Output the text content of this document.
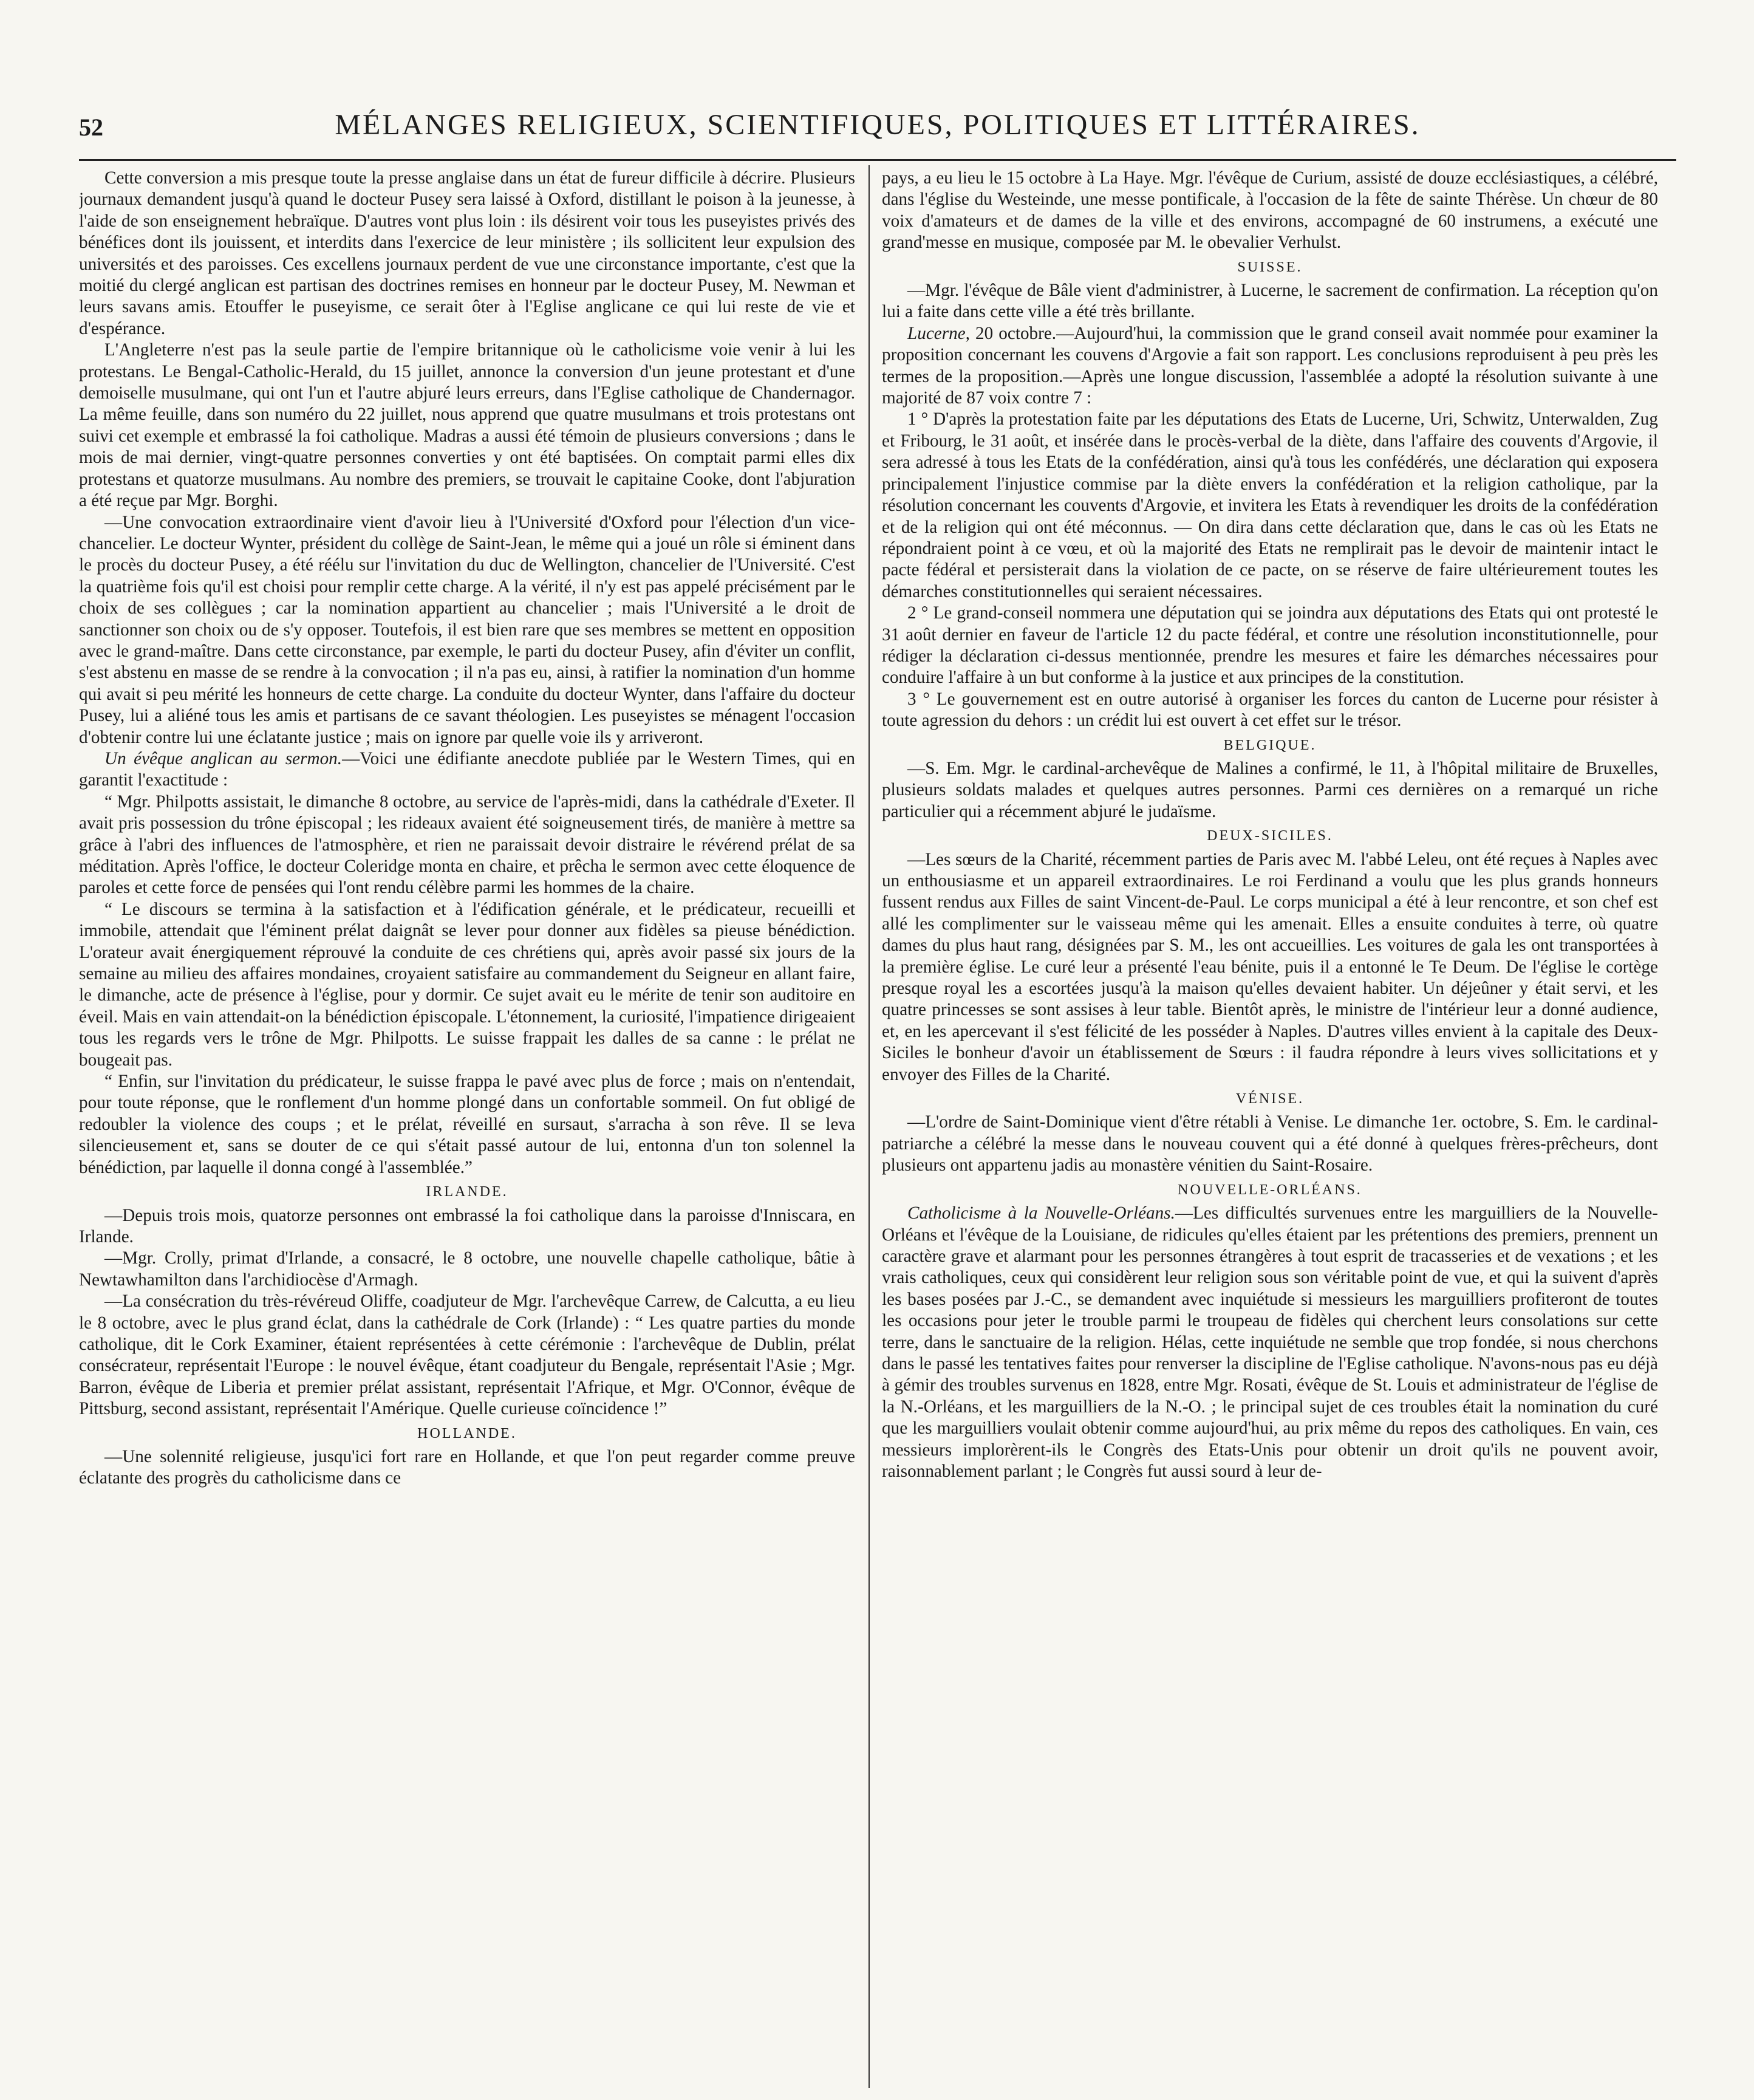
52	MÉLANGES RELIGIEUX, SCIENTIFIQUES, POLITIQUES ET LITTÉRAIRES.

Cette conversion a mis presque toute la presse anglaise dans un état de fureur difficile à décrire. Plusieurs journaux demandent jusqu'à quand le docteur Pusey sera laissé à Oxford, distillant le poison à la jeunesse, à l'aide de son enseignement hebraïque. D'autres vont plus loin : ils désirent voir tous les puseyistes privés des bénéfices dont ils jouissent, et interdits dans l'exercice de leur ministère ; ils sollicitent leur expulsion des universités et des paroisses. Ces excellens journaux perdent de vue une circonstance importante, c'est que la moitié du clergé anglican est partisan des doctrines remises en honneur par le docteur Pusey, M. Newman et leurs savans amis. Etouffer le puseyisme, ce serait ôter à l'Eglise anglicane ce qui lui reste de vie et d'espérance.

L'Angleterre n'est pas la seule partie de l'empire britannique où le catholicisme voie venir à lui les protestans. Le Bengal-Catholic-Herald, du 15 juillet, annonce la conversion d'un jeune protestant et d'une demoiselle musulmane, qui ont l'un et l'autre abjuré leurs erreurs, dans l'Eglise catholique de Chandernagor. La même feuille, dans son numéro du 22 juillet, nous apprend que quatre musulmans et trois protestans ont suivi cet exemple et embrassé la foi catholique. Madras a aussi été témoin de plusieurs conversions ; dans le mois de mai dernier, vingt-quatre personnes converties y ont été baptisées. On comptait parmi elles dix protestans et quatorze musulmans. Au nombre des premiers, se trouvait le capitaine Cooke, dont l'abjuration a été reçue par Mgr. Borghi.

—Une convocation extraordinaire vient d'avoir lieu à l'Université d'Oxford pour l'élection d'un vice-chancelier. Le docteur Wynter, président du collège de Saint-Jean, le même qui a joué un rôle si éminent dans le procès du docteur Pusey, a été réélu sur l'invitation du duc de Wellington, chancelier de l'Université. C'est la quatrième fois qu'il est choisi pour remplir cette charge. A la vérité, il n'y est pas appelé précisément par le choix de ses collègues ; car la nomination appartient au chancelier ; mais l'Université a le droit de sanctionner son choix ou de s'y opposer. Toutefois, il est bien rare que ses membres se mettent en opposition avec le grand-maître. Dans cette circonstance, par exemple, le parti du docteur Pusey, afin d'éviter un conflit, s'est abstenu en masse de se rendre à la convocation ; il n'a pas eu, ainsi, à ratifier la nomination d'un homme qui avait si peu mérité les honneurs de cette charge. La conduite du docteur Wynter, dans l'affaire du docteur Pusey, lui a aliéné tous les amis et partisans de ce savant théologien. Les puseyistes se ménagent l'occasion d'obtenir contre lui une éclatante justice ; mais on ignore par quelle voie ils y arriveront.

Un évêque anglican au sermon.—Voici une édifiante anecdote publiée par le Western Times, qui en garantit l'exactitude :

“ Mgr. Philpotts assistait, le dimanche 8 octobre, au service de l'après-midi, dans la cathédrale d'Exeter. Il avait pris possession du trône épiscopal ; les rideaux avaient été soigneusement tirés, de manière à mettre sa grâce à l'abri des influences de l'atmosphère, et rien ne paraissait devoir distraire le révérend prélat de sa méditation. Après l'office, le docteur Coleridge monta en chaire, et prêcha le sermon avec cette éloquence de paroles et cette force de pensées qui l'ont rendu célèbre parmi les hommes de la chaire.

“ Le discours se termina à la satisfaction et à l'édification générale, et le prédicateur, recueilli et immobile, attendait que l'éminent prélat daignât se lever pour donner aux fidèles sa pieuse bénédiction. L'orateur avait énergiquement réprouvé la conduite de ces chrétiens qui, après avoir passé six jours de la semaine au milieu des affaires mondaines, croyaient satisfaire au commandement du Seigneur en allant faire, le dimanche, acte de présence à l'église, pour y dormir. Ce sujet avait eu le mérite de tenir son auditoire en éveil. Mais en vain attendait-on la bénédiction épiscopale. L'étonnement, la curiosité, l'impatience dirigeaient tous les regards vers le trône de Mgr. Philpotts. Le suisse frappait les dalles de sa canne : le prélat ne bougeait pas.

“ Enfin, sur l'invitation du prédicateur, le suisse frappa le pavé avec plus de force ; mais on n'entendait, pour toute réponse, que le ronflement d'un homme plongé dans un confortable sommeil. On fut obligé de redoubler la violence des coups ; et le prélat, réveillé en sursaut, s'arracha à son rêve. Il se leva silencieusement et, sans se douter de ce qui s'était passé autour de lui, entonna d'un ton solennel la bénédiction, par laquelle il donna congé à l'assemblée.”

IRLANDE.

—Depuis trois mois, quatorze personnes ont embrassé la foi catholique dans la paroisse d'Inniscara, en Irlande.

—Mgr. Crolly, primat d'Irlande, a consacré, le 8 octobre, une nouvelle chapelle catholique, bâtie à Newtawhamilton dans l'archidiocèse d'Armagh.

—La consécration du très-révéreud Oliffe, coadjuteur de Mgr. l'archevêque Carrew, de Calcutta, a eu lieu le 8 octobre, avec le plus grand éclat, dans la cathédrale de Cork (Irlande) : “ Les quatre parties du monde catholique, dit le Cork Examiner, étaient représentées à cette cérémonie : l'archevêque de Dublin, prélat consécrateur, représentait l'Europe : le nouvel évêque, étant coadjuteur du Bengale, représentait l'Asie ; Mgr. Barron, évêque de Liberia et premier prélat assistant, représentait l'Afrique, et Mgr. O'Connor, évêque de Pittsburg, second assistant, représentait l'Amérique. Quelle curieuse coïncidence !”

HOLLANDE.

—Une solennité religieuse, jusqu'ici fort rare en Hollande, et que l'on peut regarder comme preuve éclatante des progrès du catholicisme dans ce

pays, a eu lieu le 15 octobre à La Haye. Mgr. l'évêque de Curium, assisté de douze ecclésiastiques, a célébré, dans l'église du Westeinde, une messe pontificale, à l'occasion de la fête de sainte Thérèse. Un chœur de 80 voix d'amateurs et de dames de la ville et des environs, accompagné de 60 instrumens, a exécuté une grand'messe en musique, composée par M. le obevalier Verhulst.

SUISSE.

—Mgr. l'évêque de Bâle vient d'administrer, à Lucerne, le sacrement de confirmation. La réception qu'on lui a faite dans cette ville a été très brillante.

Lucerne, 20 octobre.—Aujourd'hui, la commission que le grand conseil avait nommée pour examiner la proposition concernant les couvens d'Argovie a fait son rapport. Les conclusions reproduisent à peu près les termes de la proposition.—Après une longue discussion, l'assemblée a adopté la résolution suivante à une majorité de 87 voix contre 7 :

1 ° D'après la protestation faite par les députations des Etats de Lucerne, Uri, Schwitz, Unterwalden, Zug et Fribourg, le 31 août, et insérée dans le procès-verbal de la diète, dans l'affaire des couvents d'Argovie, il sera adressé à tous les Etats de la confédération, ainsi qu'à tous les confédérés, une déclaration qui exposera principalement l'injustice commise par la diète envers la confédération et la religion catholique, par la résolution concernant les couvents d'Argovie, et invitera les Etats à revendiquer les droits de la confédération et de la religion qui ont été méconnus. — On dira dans cette déclaration que, dans le cas où les Etats ne répondraient point à ce vœu, et où la majorité des Etats ne remplirait pas le devoir de maintenir intact le pacte fédéral et persisterait dans la violation de ce pacte, on se réserve de faire ultérieurement toutes les démarches constitutionnelles qui seraient nécessaires.

2 ° Le grand-conseil nommera une députation qui se joindra aux députations des Etats qui ont protesté le 31 août dernier en faveur de l'article 12 du pacte fédéral, et contre une résolution inconstitutionnelle, pour rédiger la déclaration ci-dessus mentionnée, prendre les mesures et faire les démarches nécessaires pour conduire l'affaire à un but conforme à la justice et aux principes de la constitution.

3 ° Le gouvernement est en outre autorisé à organiser les forces du canton de Lucerne pour résister à toute agression du dehors : un crédit lui est ouvert à cet effet sur le trésor.

BELGIQUE.

—S. Em. Mgr. le cardinal-archevêque de Malines a confirmé, le 11, à l'hôpital militaire de Bruxelles, plusieurs soldats malades et quelques autres personnes. Parmi ces dernières on a remarqué un riche particulier qui a récemment abjuré le judaïsme.

DEUX-SICILES.

—Les sœurs de la Charité, récemment parties de Paris avec M. l'abbé Leleu, ont été reçues à Naples avec un enthousiasme et un appareil extraordinaires. Le roi Ferdinand a voulu que les plus grands honneurs fussent rendus aux Filles de saint Vincent-de-Paul. Le corps municipal a été à leur rencontre, et son chef est allé les complimenter sur le vaisseau même qui les amenait. Elles a ensuite conduites à terre, où quatre dames du plus haut rang, désignées par S. M., les ont accueillies. Les voitures de gala les ont transportées à la première église. Le curé leur a présenté l'eau bénite, puis il a entonné le Te Deum. De l'église le cortège presque royal les a escortées jusqu'à la maison qu'elles devaient habiter. Un déjeûner y était servi, et les quatre princesses se sont assises à leur table. Bientôt après, le ministre de l'intérieur leur a donné audience, et, en les apercevant il s'est félicité de les posséder à Naples. D'autres villes envient à la capitale des Deux-Siciles le bonheur d'avoir un établissement de Sœurs : il faudra répondre à leurs vives sollicitations et y envoyer des Filles de la Charité.

VÉNISE.

—L'ordre de Saint-Dominique vient d'être rétabli à Venise. Le dimanche 1er. octobre, S. Em. le cardinal-patriarche a célébré la messe dans le nouveau couvent qui a été donné à quelques frères-prêcheurs, dont plusieurs ont appartenu jadis au monastère vénitien du Saint-Rosaire.

NOUVELLE-ORLÉANS.

Catholicisme à la Nouvelle-Orléans.—Les difficultés survenues entre les marguilliers de la Nouvelle-Orléans et l'évêque de la Louisiane, de ridicules qu'elles étaient par les prétentions des premiers, prennent un caractère grave et alarmant pour les personnes étrangères à tout esprit de tracasseries et de vexations ; et les vrais catholiques, ceux qui considèrent leur religion sous son véritable point de vue, et qui la suivent d'après les bases posées par J.-C., se demandent avec inquiétude si messieurs les marguilliers profiteront de toutes les occasions pour jeter le trouble parmi le troupeau de fidèles qui cherchent leurs consolations sur cette terre, dans le sanctuaire de la religion. Hélas, cette inquiétude ne semble que trop fondée, si nous cherchons dans le passé les tentatives faites pour renverser la discipline de l'Eglise catholique. N'avons-nous pas eu déjà à gémir des troubles survenus en 1828, entre Mgr. Rosati, évêque de St. Louis et administrateur de l'église de la N.-Orléans, et les marguilliers de la N.-O. ; le principal sujet de ces troubles était la nomination du curé que les marguilliers voulait obtenir comme aujourd'hui, au prix même du repos des catholiques. En vain, ces messieurs implorèrent-ils le Congrès des Etats-Unis pour obtenir un droit qu'ils ne pouvent avoir, raisonnablement parlant ; le Congrès fut aussi sourd à leur de-
